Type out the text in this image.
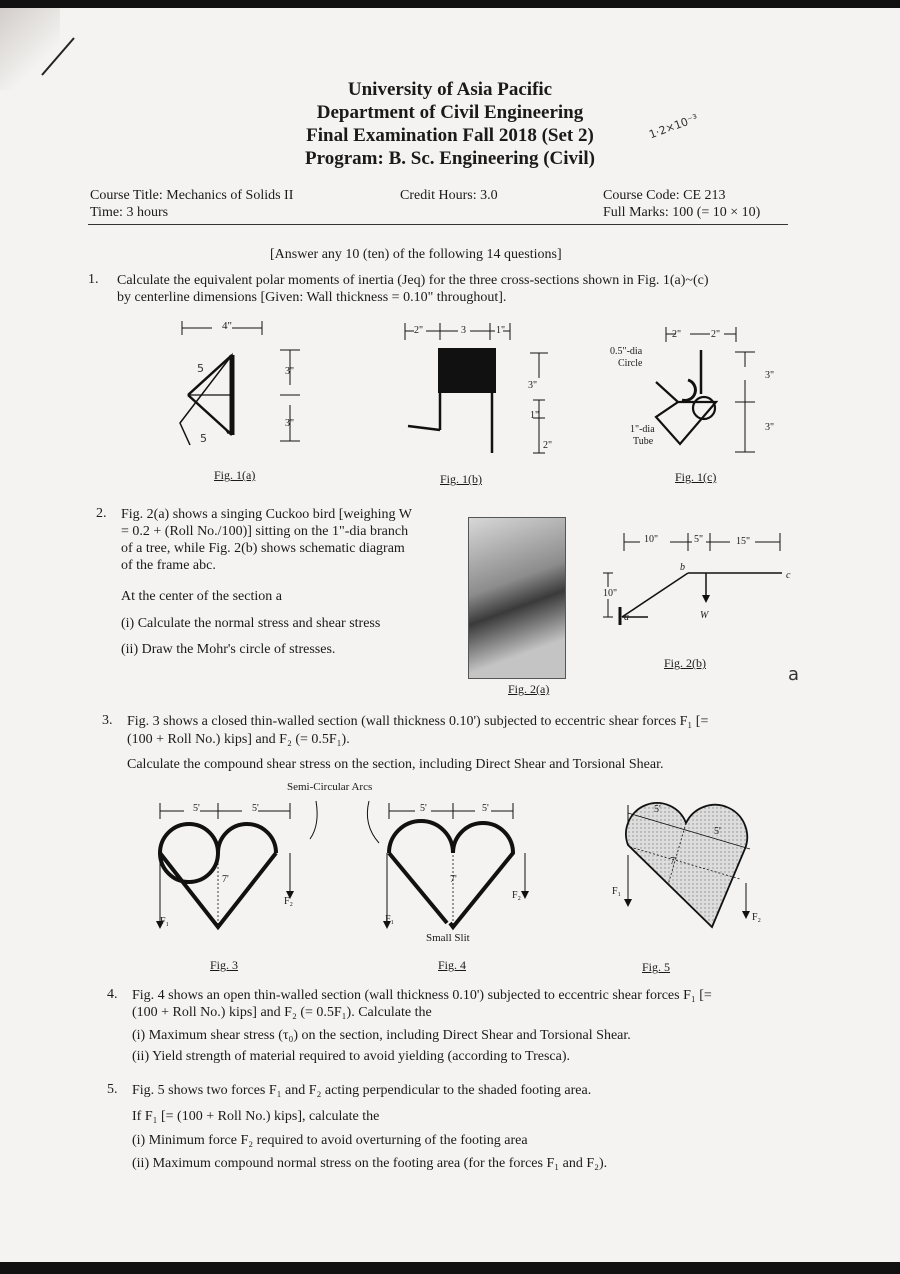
University of Asia Pacific
Department of Civil Engineering
Final Examination Fall 2018 (Set 2)
Program: B. Sc. Engineering (Civil)
1·2×10⁻³
Course Title: Mechanics of Solids II
Time: 3 hours
Credit Hours: 3.0	Course Code: CE 213
Full Marks: 100 (= 10 × 10)
[Answer any 10 (ten) of the following 14 questions]
1. Calculate the equivalent polar moments of inertia (Jeq) for the three cross-sections shown in Fig. 1(a)~(c)
by centerline dimensions [Given: Wall thickness = 0.10" throughout].
4"
3"
3"
5
5
Fig. 1(a)
2"	3	1"
3"
1"
2"
Fig. 1(b)
2"	2"
0.5"-dia
Circle
1"-dia
Tube
3"
3"
Fig. 1(c)
2. Fig. 2(a) shows a singing Cuckoo bird [weighing W
= 0.2 + (Roll No./100)] sitting on the 1"-dia branch
of a tree, while Fig. 2(b) shows schematic diagram
of the frame abc.
At the center of the section a
(i) Calculate the normal stress and shear stress
(ii) Draw the Mohr's circle of stresses.
Fig. 2(a)
10"	5"	15"
10"
a
b
c
W
Fig. 2(b)
a
3. Fig. 3 shows a closed thin-walled section (wall thickness 0.10') subjected to eccentric shear forces F₁ [=
(100 + Roll No.) kips] and F₂ (= 0.5F₁).
Calculate the compound shear stress on the section, including Direct Shear and Torsional Shear.
Semi-Circular Arcs
5'	5'
7'
F₁
F₂
Fig. 3
5'	5'
7'
F₁
F₂
Small Slit
Fig. 4
5'
5'
7'
F₁
F₂
Fig. 5
4. Fig. 4 shows an open thin-walled section (wall thickness 0.10') subjected to eccentric shear forces F₁ [=
(100 + Roll No.) kips] and F₂ (= 0.5F₁). Calculate the
(i) Maximum shear stress (τ₀) on the section, including Direct Shear and Torsional Shear.
(ii) Yield strength of material required to avoid yielding (according to Tresca).
5. Fig. 5 shows two forces F₁ and F₂ acting perpendicular to the shaded footing area.
If F₁ [= (100 + Roll No.) kips], calculate the
(i) Minimum force F₂ required to avoid overturning of the footing area
(ii) Maximum compound normal stress on the footing area (for the forces F₁ and F₂).
